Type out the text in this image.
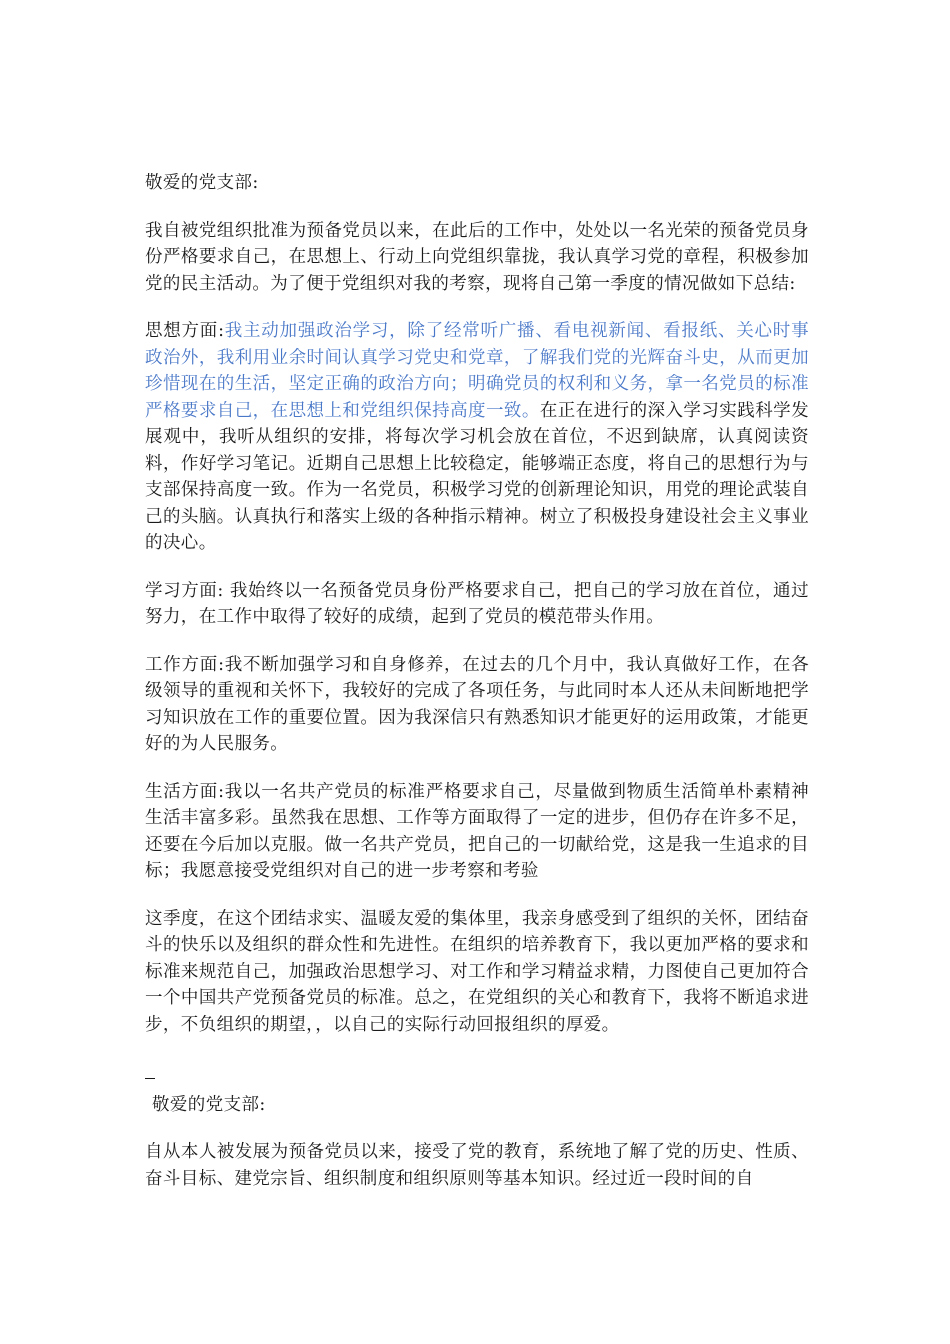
敬爱的党支部:

我自被党组织批准为预备党员以来，在此后的工作中，处处以一名光荣的预备党员身份严格要求自己，在思想上、行动上向党组织靠拢，我认真学习党的章程，积极参加党的民主活动。为了便于党组织对我的考察，现将自己第一季度的情况做如下总结:

思想方面:我主动加强政治学习，除了经常听广播、看电视新闻、看报纸、关心时事政治外，我利用业余时间认真学习党史和党章，了解我们党的光辉奋斗史，从而更加珍惜现在的生活，坚定正确的政治方向；明确党员的权利和义务，拿一名党员的标准严格要求自己，在思想上和党组织保持高度一致。在正在进行的深入学习实践科学发展观中，我听从组织的安排，将每次学习机会放在首位，不迟到缺席，认真阅读资料，作好学习笔记。近期自己思想上比较稳定，能够端正态度，将自己的思想行为与支部保持高度一致。作为一名党员，积极学习党的创新理论知识，用党的理论武装自己的头脑。认真执行和落实上级的各种指示精神。树立了积极投身建设社会主义事业的决心。

学习方面: 我始终以一名预备党员身份严格要求自己，把自己的学习放在首位，通过努力，在工作中取得了较好的成绩，起到了党员的模范带头作用。

工作方面:我不断加强学习和自身修养，在过去的几个月中，我认真做好工作，在各级领导的重视和关怀下，我较好的完成了各项任务，与此同时本人还从未间断地把学习知识放在工作的重要位置。因为我深信只有熟悉知识才能更好的运用政策，才能更好的为人民服务。

生活方面:我以一名共产党员的标准严格要求自己，尽量做到物质生活简单朴素精神生活丰富多彩。虽然我在思想、工作等方面取得了一定的进步，但仍存在许多不足，还要在今后加以克服。做一名共产党员，把自己的一切献给党，这是我一生追求的目标；我愿意接受党组织对自己的进一步考察和考验

这季度，在这个团结求实、温暖友爱的集体里，我亲身感受到了组织的关怀，团结奋斗的快乐以及组织的群众性和先进性。在组织的培养教育下，我以更加严格的要求和标准来规范自己，加强政治思想学习、对工作和学习精益求精，力图使自己更加符合一个中国共产党预备党员的标准。总之，在党组织的关心和教育下，我将不断追求进步，不负组织的期望，，以自己的实际行动回报组织的厚爱。

敬爱的党支部:

自从本人被发展为预备党员以来，接受了党的教育，系统地了解了党的历史、性质、奋斗目标、建党宗旨、组织制度和组织原则等基本知识。经过近一段时间的自
